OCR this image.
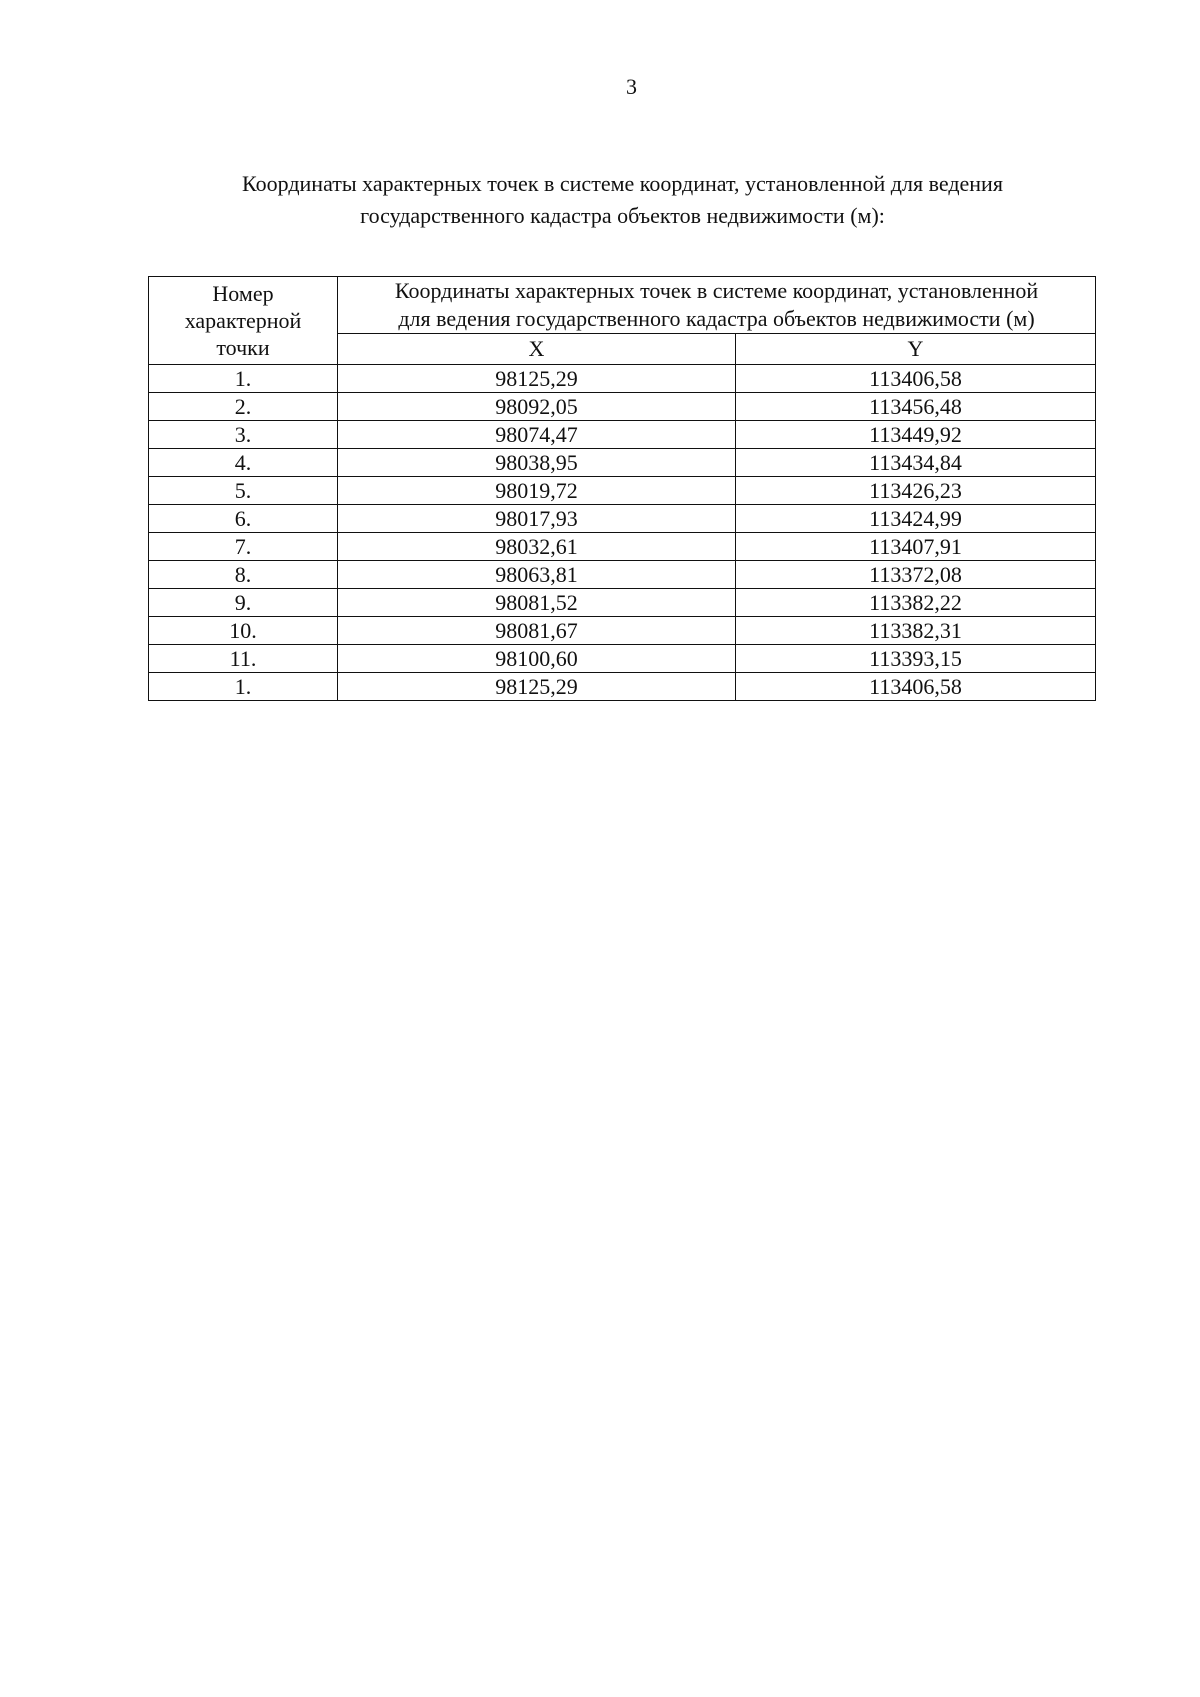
3
Координаты характерных точек в системе координат, установленной для ведения
государственного кадастра объектов недвижимости (м):
Номер
характерной
точки	Координаты характерных точек в системе координат, установленной
для ведения государственного кадастра объектов недвижимости (м)	

	X	Y
1.	98125,29	113406,58
2.	98092,05	113456,48
3.	98074,47	113449,92
4.	98038,95	113434,84
5.	98019,72	113426,23
6.	98017,93	113424,99
7.	98032,61	113407,91
8.	98063,81	113372,08
9.	98081,52	113382,22
10.	98081,67	113382,31
11.	98100,60	113393,15
1.	98125,29	113406,58
